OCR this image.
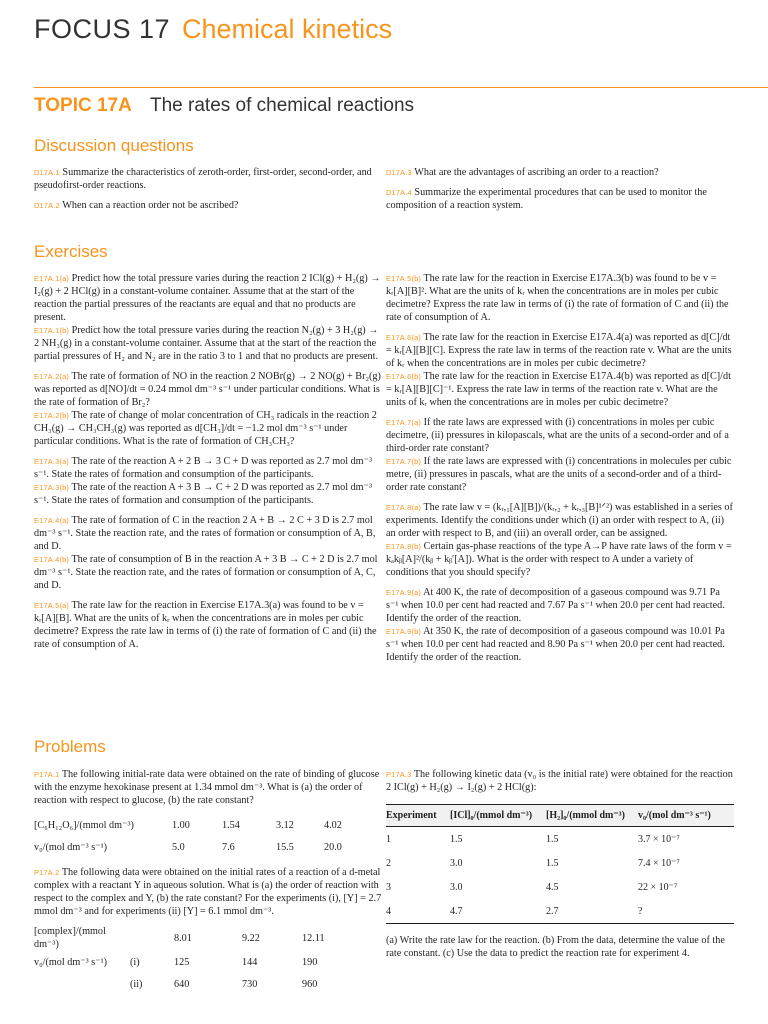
FOCUS 17 Chemical kinetics
TOPIC 17A The rates of chemical reactions
Discussion questions

D17A.1 Summarize the characteristics of zeroth-order, first-order, second-order, and pseudofirst-order reactions.

D17A.2 When can a reaction order not be ascribed?

D17A.3 What are the advantages of ascribing an order to a reaction?

D17A.4 Summarize the experimental procedures that can be used to monitor the composition of a reaction system.

Exercises

E17A.1(a) Predict how the total pressure varies during the reaction 2 ICl(g) + H₂(g) → I₂(g) + 2 HCl(g) in a constant-volume container. Assume that at the start of the reaction the partial pressures of the reactants are equal and that no products are present.

E17A.1(b) Predict how the total pressure varies during the reaction N₂(g) + 3 H₂(g) → 2 NH₃(g) in a constant-volume container. Assume that at the start of the reaction the partial pressures of H₂ and N₂ are in the ratio 3 to 1 and that no products are present.

E17A.2(a) The rate of formation of NO in the reaction 2 NOBr(g) → 2 NO(g) + Br₂(g) was reported as d[NO]/dt = 0.24 mmol dm⁻³ s⁻¹ under particular conditions. What is the rate of formation of Br₂?

E17A.2(b) The rate of change of molar concentration of CH₃ radicals in the reaction 2 CH₃(g) → CH₃CH₃(g) was reported as d[CH₃]/dt = −1.2 mol dm⁻³ s⁻¹ under particular conditions. What is the rate of formation of CH₃CH₃?

E17A.3(a) The rate of the reaction A + 2 B → 3 C + D was reported as 2.7 mol dm⁻³ s⁻¹. State the rates of formation and consumption of the participants.

E17A.3(b) The rate of the reaction A + 3 B → C + 2 D was reported as 2.7 mol dm⁻³ s⁻¹. State the rates of formation and consumption of the participants.

E17A.4(a) The rate of formation of C in the reaction 2 A + B → 2 C + 3 D is 2.7 mol dm⁻³ s⁻¹. State the reaction rate, and the rates of formation or consumption of A, B, and D.

E17A.4(b) The rate of consumption of B in the reaction A + 3 B → C + 2 D is 2.7 mol dm⁻³ s⁻¹. State the reaction rate, and the rates of formation or consumption of A, C, and D.

E17A.5(a) The rate law for the reaction in Exercise E17A.3(a) was found to be v = kᵣ[A][B]. What are the units of kᵣ when the concentrations are in moles per cubic decimetre? Express the rate law in terms of (i) the rate of formation of C and (ii) the rate of consumption of A.

E17A.5(b) The rate law for the reaction in Exercise E17A.3(b) was found to be v = kᵣ[A][B]². What are the units of kᵣ when the concentrations are in moles per cubic decimetre? Express the rate law in terms of (i) the rate of formation of C and (ii) the rate of consumption of A.

E17A.6(a) The rate law for the reaction in Exercise E17A.4(a) was reported as d[C]/dt = kᵣ[A][B][C]. Express the rate law in terms of the reaction rate v. What are the units of kᵣ when the concentrations are in moles per cubic decimetre?

E17A.6(b) The rate law for the reaction in Exercise E17A.4(b) was reported as d[C]/dt = kᵣ[A][B][C]⁻¹. Express the rate law in terms of the reaction rate v. What are the units of kᵣ when the concentrations are in moles per cubic decimetre?

E17A.7(a) If the rate laws are expressed with (i) concentrations in moles per cubic decimetre, (ii) pressures in kilopascals, what are the units of a second-order and of a third-order rate constant?

E17A.7(b) If the rate laws are expressed with (i) concentrations in molecules per cubic metre, (ii) pressures in pascals, what are the units of a second-order and of a third-order rate constant?

E17A.8(a) The rate law v = (kᵣ,₁[A][B])/(kᵣ,₂ + kᵣ,₃[B]¹ᐟ²) was established in a series of experiments. Identify the conditions under which (i) an order with respect to A, (ii) an order with respect to B, and (iii) an overall order, can be assigned.

E17A.8(b) Certain gas-phase reactions of the type A→P have rate laws of the form v = kₐkᵦ[A]²/(kᵦ + kᵦ′[A]). What is the order with respect to A under a variety of conditions that you should specify?

E17A.9(a) At 400 K, the rate of decomposition of a gaseous compound was 9.71 Pa s⁻¹ when 10.0 per cent had reacted and 7.67 Pa s⁻¹ when 20.0 per cent had reacted. Identify the order of the reaction.

E17A.9(b) At 350 K, the rate of decomposition of a gaseous compound was 10.01 Pa s⁻¹ when 10.0 per cent had reacted and 8.90 Pa s⁻¹ when 20.0 per cent had reacted. Identify the order of the reaction.

Problems

P17A.1 The following initial-rate data were obtained on the rate of binding of glucose with the enzyme hexokinase present at 1.34 mmol dm⁻³. What is (a) the order of reaction with respect to glucose, (b) the rate constant?

[C₆H₁₂O₆]/(mmol dm⁻³)	1.00	1.54	3.12	4.02
v₀/(mol dm⁻³ s⁻¹)	5.0	7.6	15.5	20.0

P17A.2 The following data were obtained on the initial rates of a reaction of a d-metal complex with a reactant Y in aqueous solution. What is (a) the order of reaction with respect to the complex and Y, (b) the rate constant? For the experiments (i), [Y] = 2.7 mmol dm⁻³ and for experiments (ii) [Y] = 6.1 mmol dm⁻³.

[complex]/(mmol dm⁻³)		8.01	9.22	12.11
v₀/(mol dm⁻³ s⁻¹)	(i)	125	144	190
	(ii)	640	730	960

P17A.3 The following kinetic data (v₀ is the initial rate) were obtained for the reaction 2 ICl(g) + H₂(g) → I₂(g) + 2 HCl(g):

Experiment	[ICl]₀/(mmol dm⁻³)	[H₂]₀/(mmol dm⁻³)	v₀/(mol dm⁻³ s⁻¹)
1	1.5	1.5	3.7 × 10⁻⁷
2	3.0	1.5	7.4 × 10⁻⁷
3	3.0	4.5	22 × 10⁻⁷
4	4.7	2.7	?

(a) Write the rate law for the reaction. (b) From the data, determine the value of the rate constant. (c) Use the data to predict the reaction rate for experiment 4.
